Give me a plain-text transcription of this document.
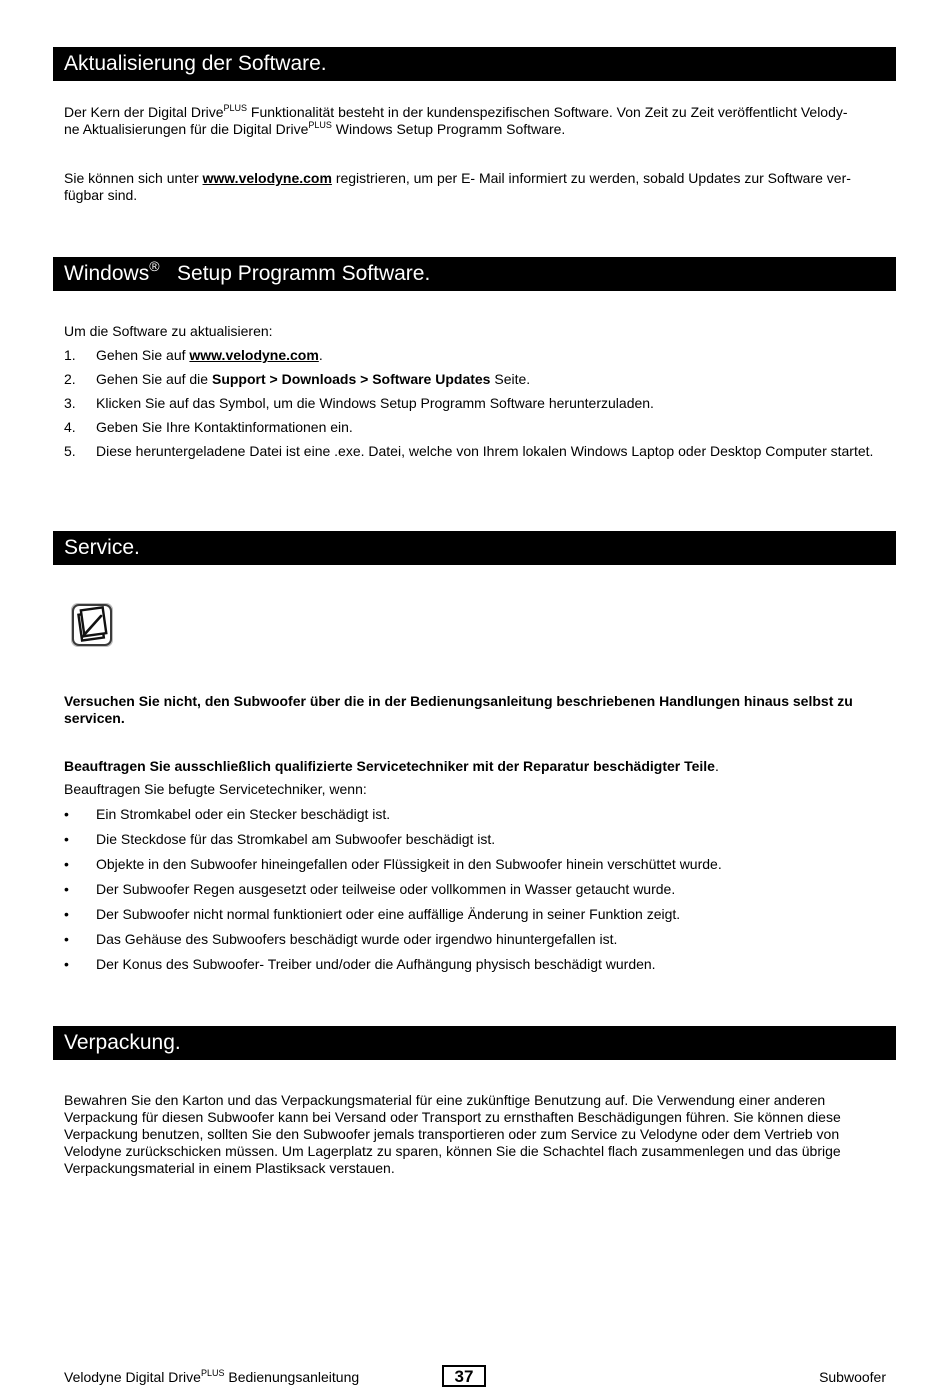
Aktualisierung der Software.
Der Kern der Digital Drive$^{PLUS}$ Funktionalität besteht in der kundenspezifischen Software. Von Zeit zu Zeit veröffentlicht Velody-
ne Aktualisierungen für die Digital Drive$^{PLUS}$ Windows Setup Programm Software.
Sie können sich unter www.velodyne.com registrieren, um per E- Mail informiert zu werden, sobald Updates zur Software ver-
fügbar sind.
Windows®   Setup Programm Software.
Um die Software zu aktualisieren:
1. Gehen Sie auf www.velodyne.com.
2. Gehen Sie auf die Support > Downloads > Software Updates Seite.
3. Klicken Sie auf das Symbol, um die Windows Setup Programm Software herunterzuladen.
4. Geben Sie Ihre Kontaktinformationen ein.
5. Diese heruntergeladene Datei ist eine .exe. Datei, welche von Ihrem lokalen Windows Laptop oder Desktop Computer startet.
Service.
Versuchen Sie nicht, den Subwoofer über die in der Bedienungsanleitung beschriebenen Handlungen hinaus selbst zu servicen.
Beauftragen Sie ausschließlich qualifizierte Servicetechniker mit der Reparatur beschädigter Teile.
Beauftragen Sie befugte Servicetechniker, wenn:
• Ein Stromkabel oder ein Stecker beschädigt ist.
• Die Steckdose für das Stromkabel am Subwoofer beschädigt ist.
• Objekte in den Subwoofer hineingefallen oder Flüssigkeit in den Subwoofer hinein verschüttet wurde.
• Der Subwoofer Regen ausgesetzt oder teilweise oder vollkommen in Wasser getaucht wurde.
• Der Subwoofer nicht normal funktioniert oder eine auffällige Änderung in seiner Funktion zeigt.
• Das Gehäuse des Subwoofers beschädigt wurde oder irgendwo hinuntergefallen ist.
• Der Konus des Subwoofer- Treiber und/oder die Aufhängung physisch beschädigt wurden.
Verpackung.
Bewahren Sie den Karton und das Verpackungsmaterial für eine zukünftige Benutzung auf. Die Verwendung einer anderen
Verpackung für diesen Subwoofer kann bei Versand oder Transport zu ernsthaften Beschädigungen führen. Sie können diese
Verpackung benutzen, sollten Sie den Subwoofer jemals transportieren oder zum Service zu Velodyne oder dem Vertrieb von
Velodyne zurückschicken müssen. Um Lagerplatz zu sparen, können Sie die Schachtel flach zusammenlegen und das übrige
Verpackungsmaterial in einem Plastiksack verstauen.
Velodyne Digital Drive$^{PLUS}$ Bedienungsanleitung	37	Subwoofer
